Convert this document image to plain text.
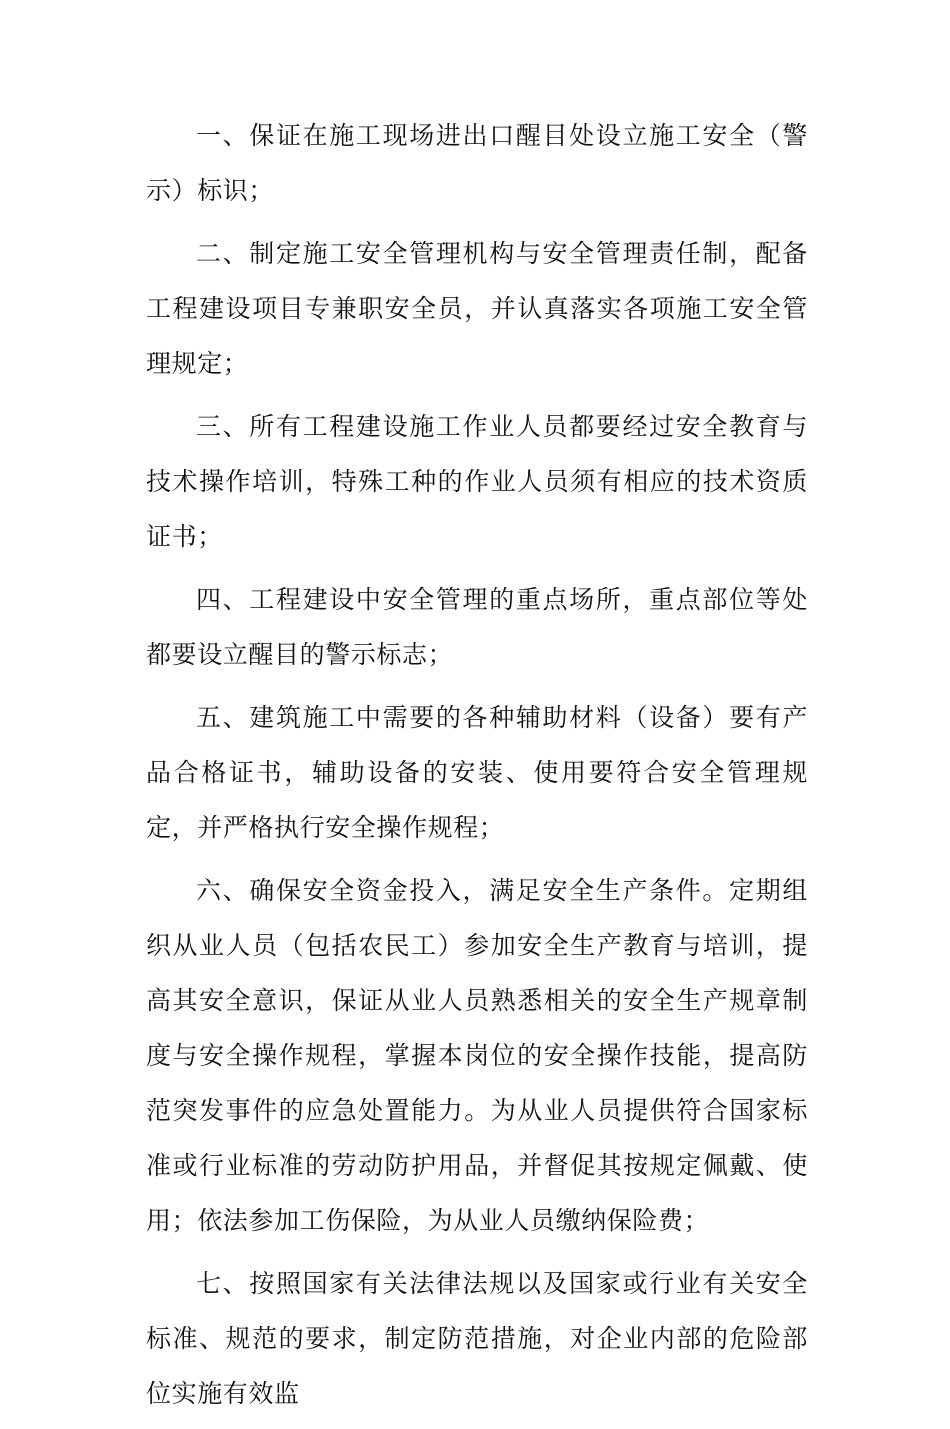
一、保证在施工现场进出口醒目处设立施工安全（警示）标识；

二、制定施工安全管理机构与安全管理责任制，配备工程建设项目专兼职安全员，并认真落实各项施工安全管理规定；

三、所有工程建设施工作业人员都要经过安全教育与技术操作培训，特殊工种的作业人员须有相应的技术资质证书；

四、工程建设中安全管理的重点场所，重点部位等处都要设立醒目的警示标志；

五、建筑施工中需要的各种辅助材料（设备）要有产品合格证书，辅助设备的安装、使用要符合安全管理规定，并严格执行安全操作规程；

六、确保安全资金投入，满足安全生产条件。定期组织从业人员（包括农民工）参加安全生产教育与培训，提高其安全意识，保证从业人员熟悉相关的安全生产规章制度与安全操作规程，掌握本岗位的安全操作技能，提高防范突发事件的应急处置能力。为从业人员提供符合国家标准或行业标准的劳动防护用品，并督促其按规定佩戴、使用；依法参加工伤保险，为从业人员缴纳保险费；

七、按照国家有关法律法规以及国家或行业有关安全标准、规范的要求，制定防范措施，对企业内部的危险部位实施有效监
